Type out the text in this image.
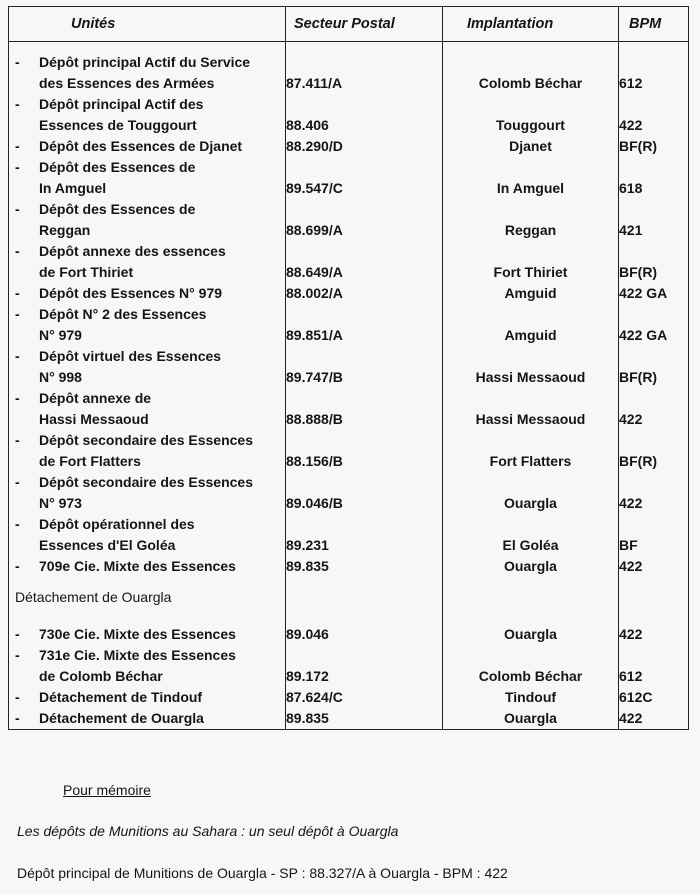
Unités	Secteur Postal	Implantation	BPM

- Dépôt principal Actif du Service
des Essences des Armées	87.411/A	Colomb Béchar	612

- Dépôt principal Actif des
Essences de Touggourt	88.406	Touggourt	422

- Dépôt des Essences de Djanet	88.290/D	Djanet	BF(R)

- Dépôt des Essences de
In Amguel	89.547/C	In Amguel	618

- Dépôt des Essences de
Reggan	88.699/A	Reggan	421

- Dépôt annexe des essences
de Fort Thiriet	88.649/A	Fort Thiriet	BF(R)

- Dépôt des Essences N° 979	88.002/A	Amguid	422 GA

- Dépôt N° 2 des Essences
N° 979	89.851/A	Amguid	422 GA

- Dépôt virtuel des Essences
N° 998	89.747/B	Hassi Messaoud	BF(R)

- Dépôt annexe de
Hassi Messaoud	88.888/B	Hassi Messaoud	422

- Dépôt secondaire des Essences
de Fort Flatters	88.156/B	Fort Flatters	BF(R)

- Dépôt secondaire des Essences
N° 973	89.046/B	Ouargla	422

- Dépôt opérationnel des
Essences d'El Goléa	89.231	El Goléa	BF

- 709e Cie. Mixte des Essences	89.835	Ouargla	422
Détachement de Ouargla			

- 730e Cie. Mixte des Essences	89.046	Ouargla	422

- 731e Cie. Mixte des Essences
de Colomb Béchar	89.172	Colomb Béchar	612

- Détachement de Tindouf	87.624/C	Tindouf	612C

- Détachement de Ouargla	89.835	Ouargla	422
Pour mémoire
Les dépôts de Munitions au Sahara : un seul dépôt à Ouargla
Dépôt principal de Munitions de Ouargla - SP : 88.327/A à Ouargla - BPM : 422
